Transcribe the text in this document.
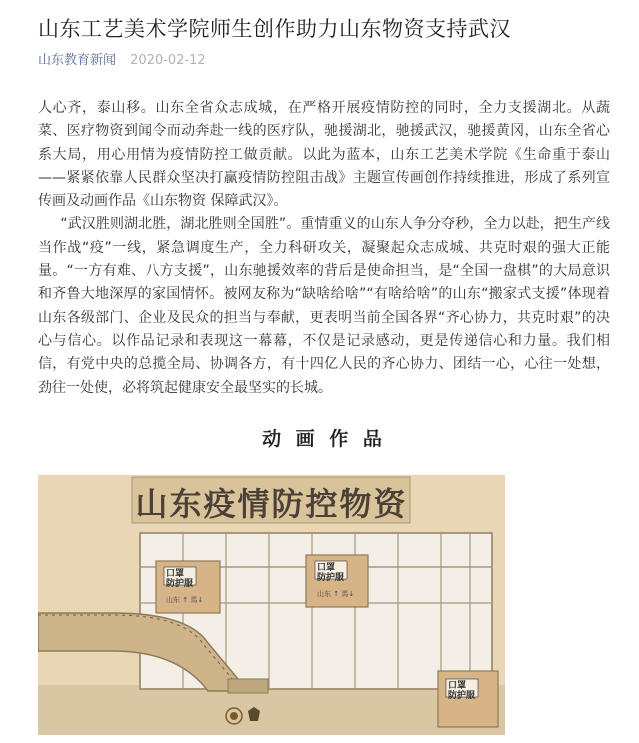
山东工艺美术学院师生创作助力山东物资支持武汉
山东教育新闻 2020-02-12

人心齐，泰山移。山东全省众志成城，在严格开展疫情防控的同时，全力支援湖北。从蔬菜、医疗物资到闻令而动奔赴一线的医疗队，驰援湖北，驰援武汉，驰援黄冈，山东全省心系大局，用心用情为疫情防控工做贡献。以此为蓝本，山东工艺美术学院《生命重于泰山——紧紧依靠人民群众坚决打赢疫情防控阻击战》主题宣传画创作持续推进，形成了系列宣传画及动画作品《山东物资 保障武汉》。

“武汉胜则湖北胜，湖北胜则全国胜”。重情重义的山东人争分夺秒，全力以赴，把生产线当作战“疫”一线，紧急调度生产，全力科研攻关，凝聚起众志成城、共克时艰的强大正能量。“一方有难、八方支援”，山东驰援效率的背后是使命担当，是“全国一盘棋”的大局意识和齐鲁大地深厚的家国情怀。被网友称为“缺啥给啥”“有啥给啥”的山东“搬家式支援”体现着山东各级部门、企业及民众的担当与奉献，更表明当前全国各界“齐心协力，共克时艰”的决心与信心。以作品记录和表现这一幕幕，不仅是记录感动，更是传递信心和力量。我们相信，有党中央的总揽全局、协调各方，有十四亿人民的齐心协力、团结一心，心往一处想，劲往一处使，必将筑起健康安全最坚实的长城。

动 画 作 品
山东疫情防控物资
口罩
防护服
山东 ↑ 馬↓
口罩
防护服
山东 ↑ 馬↓
口罩
防护服
